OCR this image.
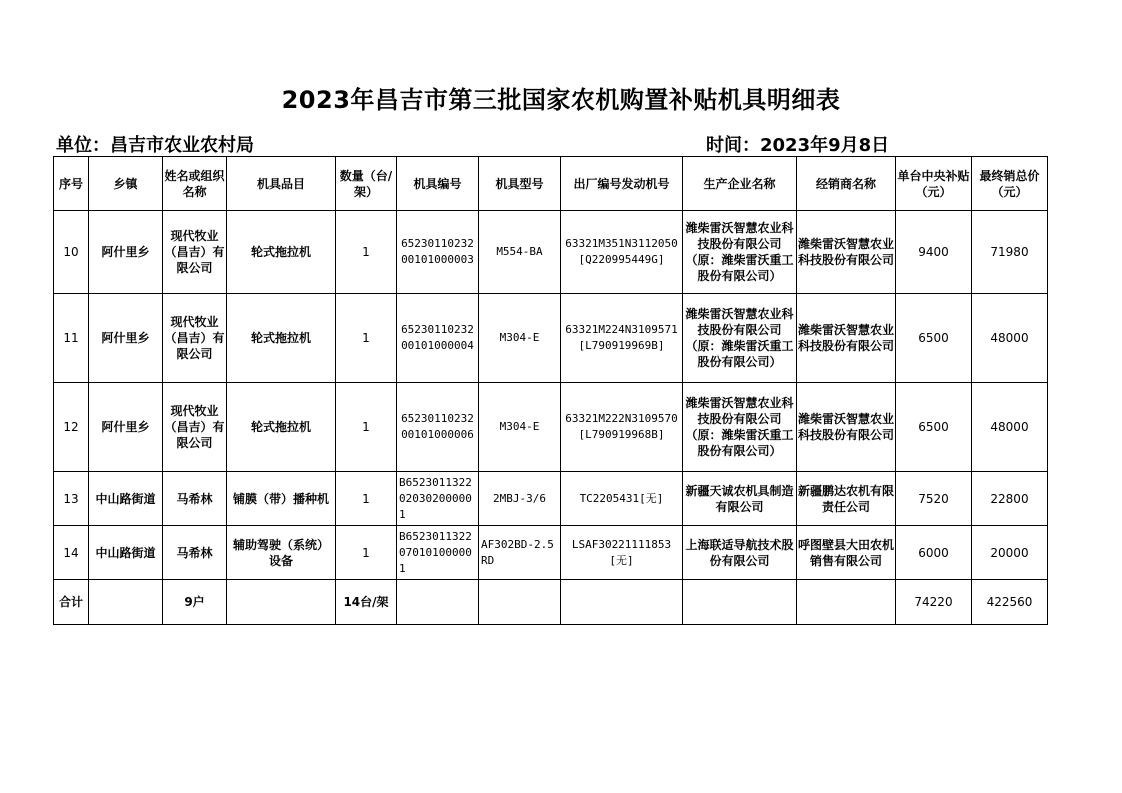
2023年昌吉市第三批国家农机购置补贴机具明细表
单位：昌吉市农业农村局	时间：2023年9月8日
序号	乡镇	姓名或组织名称	机具品目	数量（台/架）	机具编号	机具型号	出厂编号发动机号	生产企业名称	经销商名称	单台中央补贴（元）	最终销总价（元）
10	阿什里乡	现代牧业（昌吉）有限公司	轮式拖拉机	1	6523011023200101000003	M554-BA	63321M351N3112050[Q220995449G]	潍柴雷沃智慧农业科技股份有限公司（原：潍柴雷沃重工股份有限公司）	潍柴雷沃智慧农业科技股份有限公司	9400	71980
11	阿什里乡	现代牧业（昌吉）有限公司	轮式拖拉机	1	6523011023200101000004	M304-E	63321M224N3109571[L790919969B]	潍柴雷沃智慧农业科技股份有限公司（原：潍柴雷沃重工股份有限公司）	潍柴雷沃智慧农业科技股份有限公司	6500	48000
12	阿什里乡	现代牧业（昌吉）有限公司	轮式拖拉机	1	6523011023200101000006	M304-E	63321M222N3109570[L790919968B]	潍柴雷沃智慧农业科技股份有限公司（原：潍柴雷沃重工股份有限公司）	潍柴雷沃智慧农业科技股份有限公司	6500	48000
13	中山路街道	马希林	铺膜（带）播种机	1	B652301132202030200000 1	2MBJ-3/6	TC2205431[无]	新疆天诚农机具制造有限公司	新疆鹏达农机有限责任公司	7520	22800
14	中山路街道	马希林	辅助驾驶（系统）设备	1	B652301132207010100000 1	AF302BD-2.5RD	LSAF30221111853[无]	上海联适导航技术股份有限公司	呼图壁县大田农机销售有限公司	6000	20000
合计		9户		14台/架						74220	422560
